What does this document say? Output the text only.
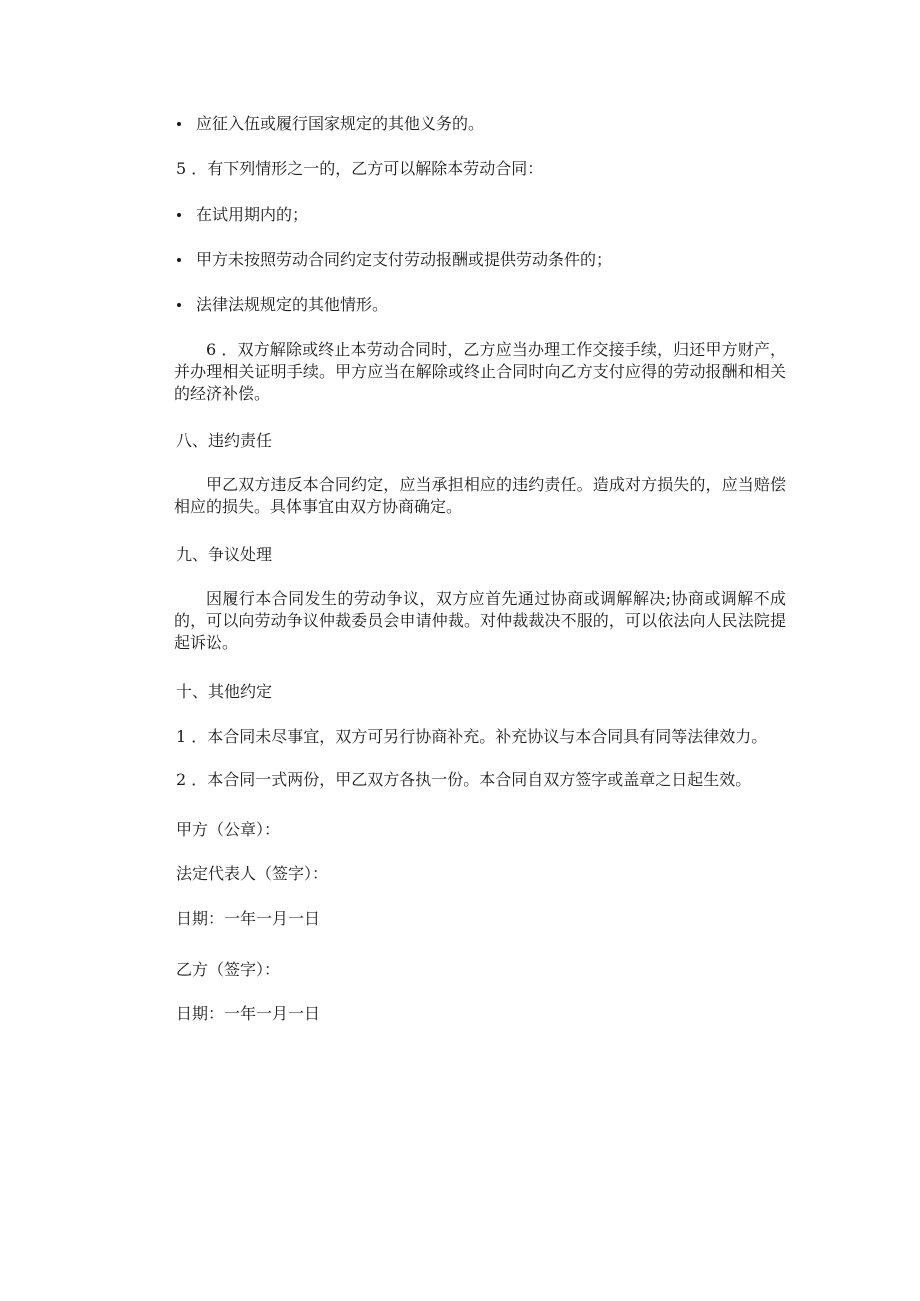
应征入伍或履行国家规定的其他义务的。
5 ．有下列情形之一的，乙方可以解除本劳动合同：
在试用期内的；
甲方未按照劳动合同约定支付劳动报酬或提供劳动条件的；
法律法规规定的其他情形。
6 ．双方解除或终止本劳动合同时，乙方应当办理工作交接手续，归还甲方财产，并办理相关证明手续。甲方应当在解除或终止合同时向乙方支付应得的劳动报酬和相关的经济补偿。
八、违约责任
甲乙双方违反本合同约定，应当承担相应的违约责任。造成对方损失的，应当赔偿相应的损失。具体事宜由双方协商确定。
九、争议处理
因履行本合同发生的劳动争议，双方应首先通过协商或调解解决;协商或调解不成的，可以向劳动争议仲裁委员会申请仲裁。对仲裁裁决不服的，可以依法向人民法院提起诉讼。
十、其他约定
1 ．本合同未尽事宜，双方可另行协商补充。补充协议与本合同具有同等法律效力。
2 ．本合同一式两份，甲乙双方各执一份。本合同自双方签字或盖章之日起生效。
甲方（公章）：
法定代表人（签字）：
日期：一年一月一日
乙方（签字）：
日期：一年一月一日
